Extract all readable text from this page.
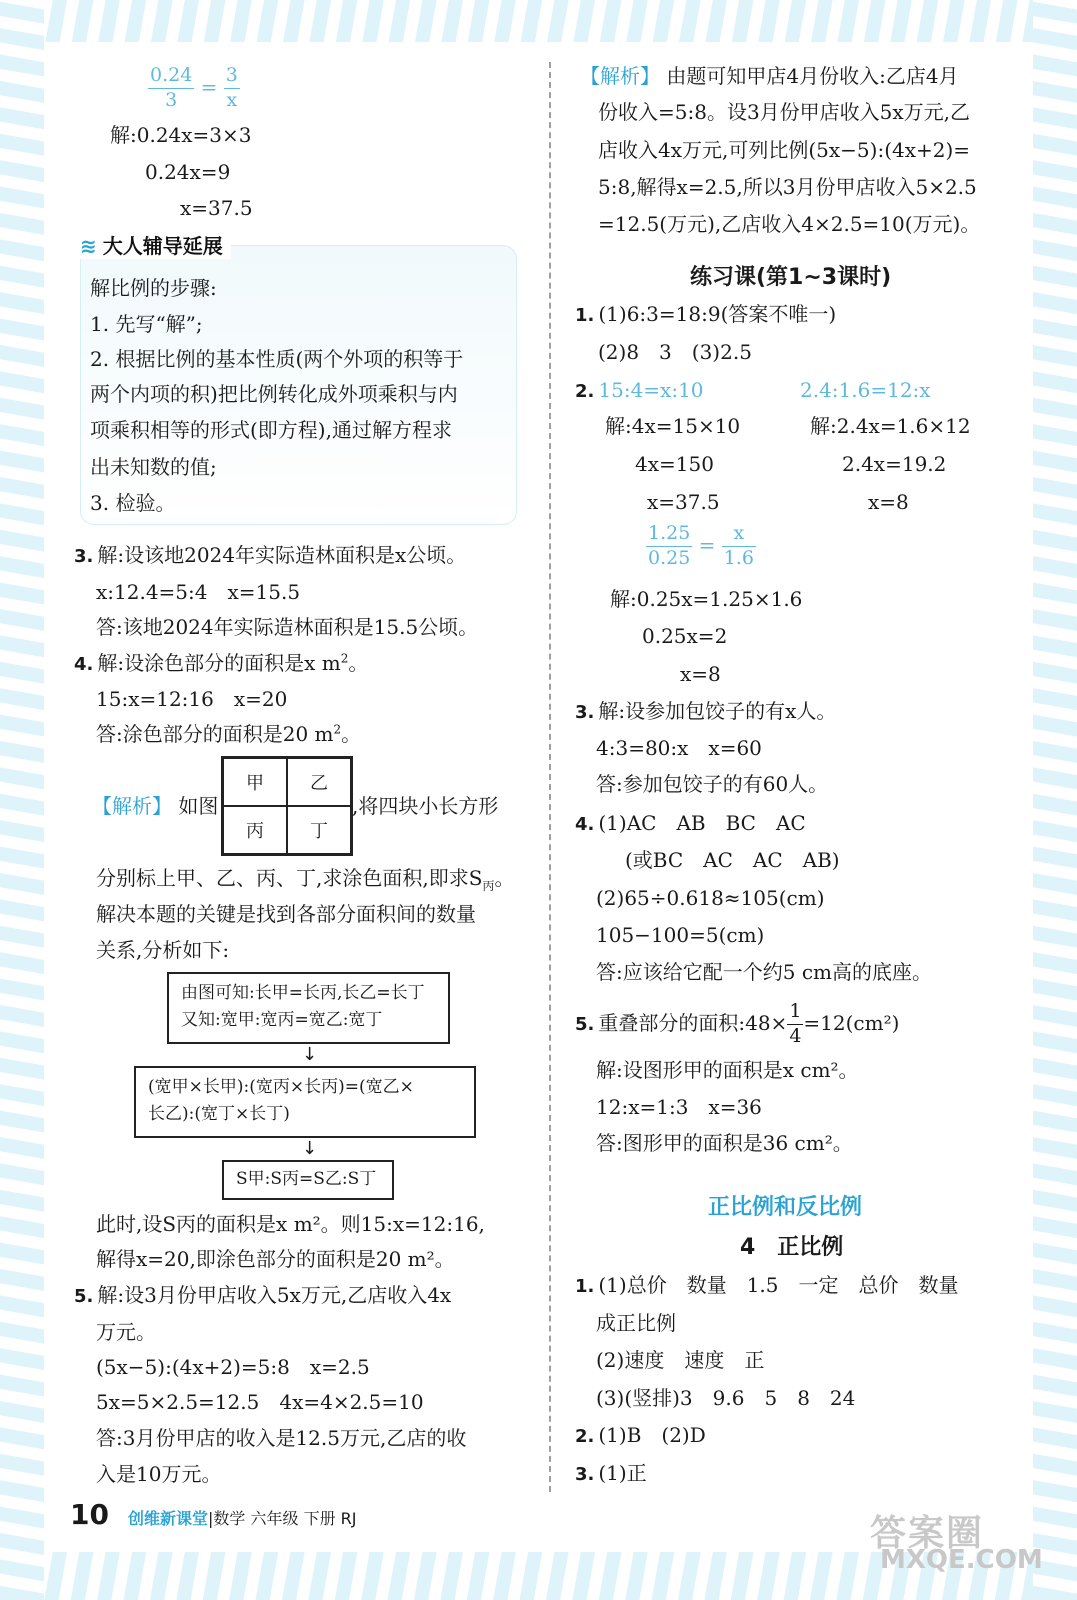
$\frac{0.24}{3} = \frac{3}{x}$
解:0.24x=3×3
0.24x=9
x=37.5
≋ 大人辅导延展
解比例的步骤:
1. 先写“解”;
2. 根据比例的基本性质(两个外项的积等于
两个内项的积)把比例转化成外项乘积与内
项乘积相等的形式(即方程),通过解方程求
出未知数的值;
3. 检验。
3. 解:设该地2024年实际造林面积是x公顷。
x:12.4=5:4　x=15.5
答:该地2024年实际造林面积是15.5公顷。
4. 解:设涂色部分的面积是x $m^2$。
15:x=12:16　x=20
答:涂色部分的面积是20 $m^2$。
【解析】 如图
甲	乙
丙	丁
,将四块小长方形
分别标上甲、乙、丙、丁,求涂色面积,即求$S_丙$。
解决本题的关键是找到各部分面积间的数量
关系,分析如下:
由图可知:长甲=长丙,长乙=长丁
又知:宽甲:宽丙=宽乙:宽丁
↓
(宽甲×长甲):(宽丙×长丙)=(宽乙×
长乙):(宽丁×长丁)
↓
S甲:S丙=S乙:S丁
此时,设S丙的面积是x m²。则15:x=12:16,
解得x=20,即涂色部分的面积是20 m²。
5. 解:设3月份甲店收入5x万元,乙店收入4x
万元。
(5x−5):(4x+2)=5:8　x=2.5
5x=5×2.5=12.5　4x=4×2.5=10
答:3月份甲店的收入是12.5万元,乙店的收
入是10万元。
【解析】 由题可知甲店4月份收入:乙店4月
份收入=5:8。设3月份甲店收入5x万元,乙
店收入4x万元,可列比例(5x−5):(4x+2)=
5:8,解得x=2.5,所以3月份甲店收入5×2.5
=12.5(万元),乙店收入4×2.5=10(万元)。
练习课(第1~3课时)
1. (1)6:3=18:9(答案不唯一)
(2)8　3　(3)2.5
2. 15:4=x:10	2.4:1.6=12:x
解:4x=15×10	解:2.4x=1.6×12
4x=150	2.4x=19.2
x=37.5	x=8
$\frac{1.25}{0.25} = \frac{x}{1.6}$
解:0.25x=1.25×1.6
0.25x=2
x=8
3. 解:设参加包饺子的有x人。
4:3=80:x　x=60
答:参加包饺子的有60人。
4. (1)AC　AB　BC　AC
(或BC　AC　AC　AB)
(2)65÷0.618≈105(cm)
105−100=5(cm)
答:应该给它配一个约5 cm高的底座。
5. 重叠部分的面积:48× $\frac{1}{4} =12(cm^2)$
解:设图形甲的面积是x cm²。
12:x=1:3　x=36
答:图形甲的面积是36 cm²。
正比例和反比例
4　正比例
1. (1)总价　数量　1.5　一定　总价　数量
成正比例
(2)速度　速度　正
(3)(竖排)3　9.6　5　8　24
2. (1)B　(2)D
3. (1)正
10 创维新课堂|数学 六年级 下册 RJ	答案圈
MXQE.COM
